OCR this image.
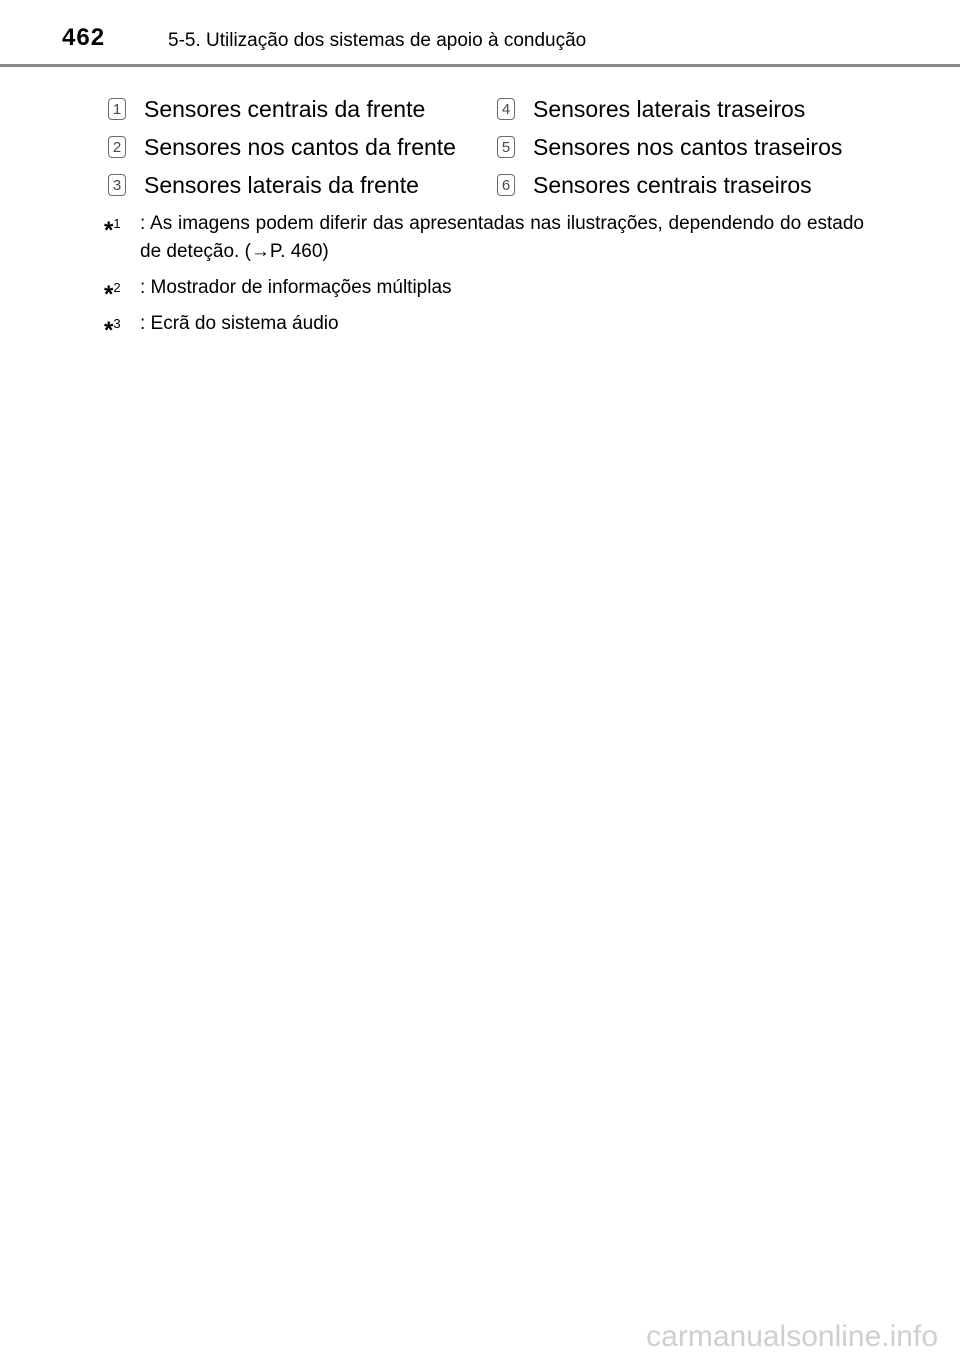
462	5-5. Utilização dos sistemas de apoio à condução
1 Sensores centrais da frente
2 Sensores nos cantos da frente
3 Sensores laterais da frente
4 Sensores laterais traseiros
5 Sensores nos cantos traseiros
6 Sensores centrais traseiros
*$^1$ : As imagens podem diferir das apresentadas nas ilustrações, dependendo do estado de deteção. (→P. 460)
*$^2$ : Mostrador de informações múltiplas
*$^3$ : Ecrã do sistema áudio
carmanualsonline.info
